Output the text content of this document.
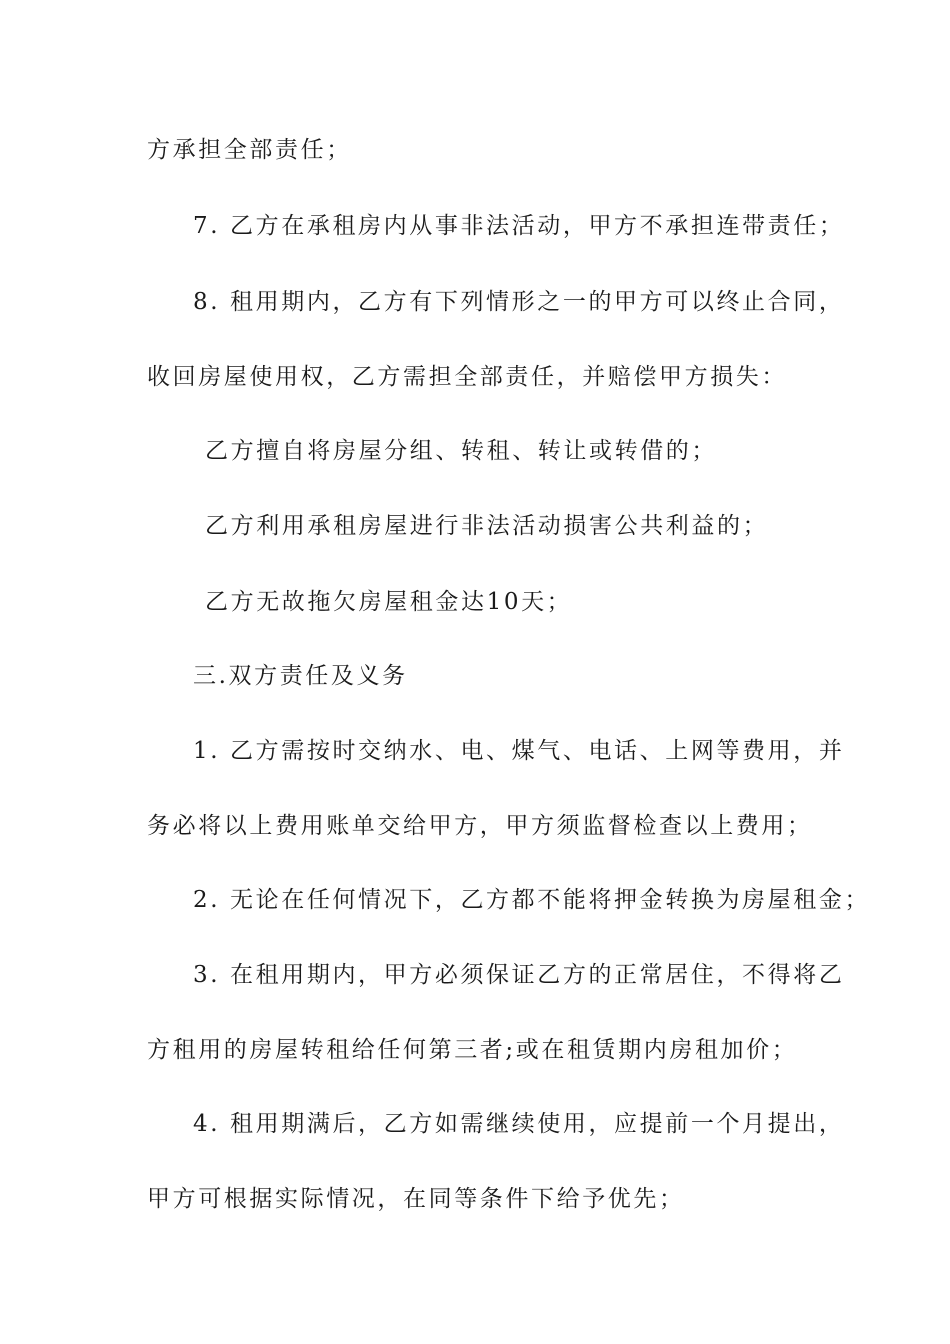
方承担全部责任；
7. 乙方在承租房内从事非法活动，甲方不承担连带责任；
8. 租用期内，乙方有下列情形之一的甲方可以终止合同，
收回房屋使用权，乙方需担全部责任，并赔偿甲方损失：
乙方擅自将房屋分组、转租、转让或转借的；
乙方利用承租房屋进行非法活动损害公共利益的；
乙方无故拖欠房屋租金达10天；
三.双方责任及义务
1. 乙方需按时交纳水、电、煤气、电话、上网等费用，并
务必将以上费用账单交给甲方，甲方须监督检查以上费用；
2. 无论在任何情况下，乙方都不能将押金转换为房屋租金；
3. 在租用期内，甲方必须保证乙方的正常居住，不得将乙
方租用的房屋转租给任何第三者;或在租赁期内房租加价；
4. 租用期满后，乙方如需继续使用，应提前一个月提出，
甲方可根据实际情况，在同等条件下给予优先；
